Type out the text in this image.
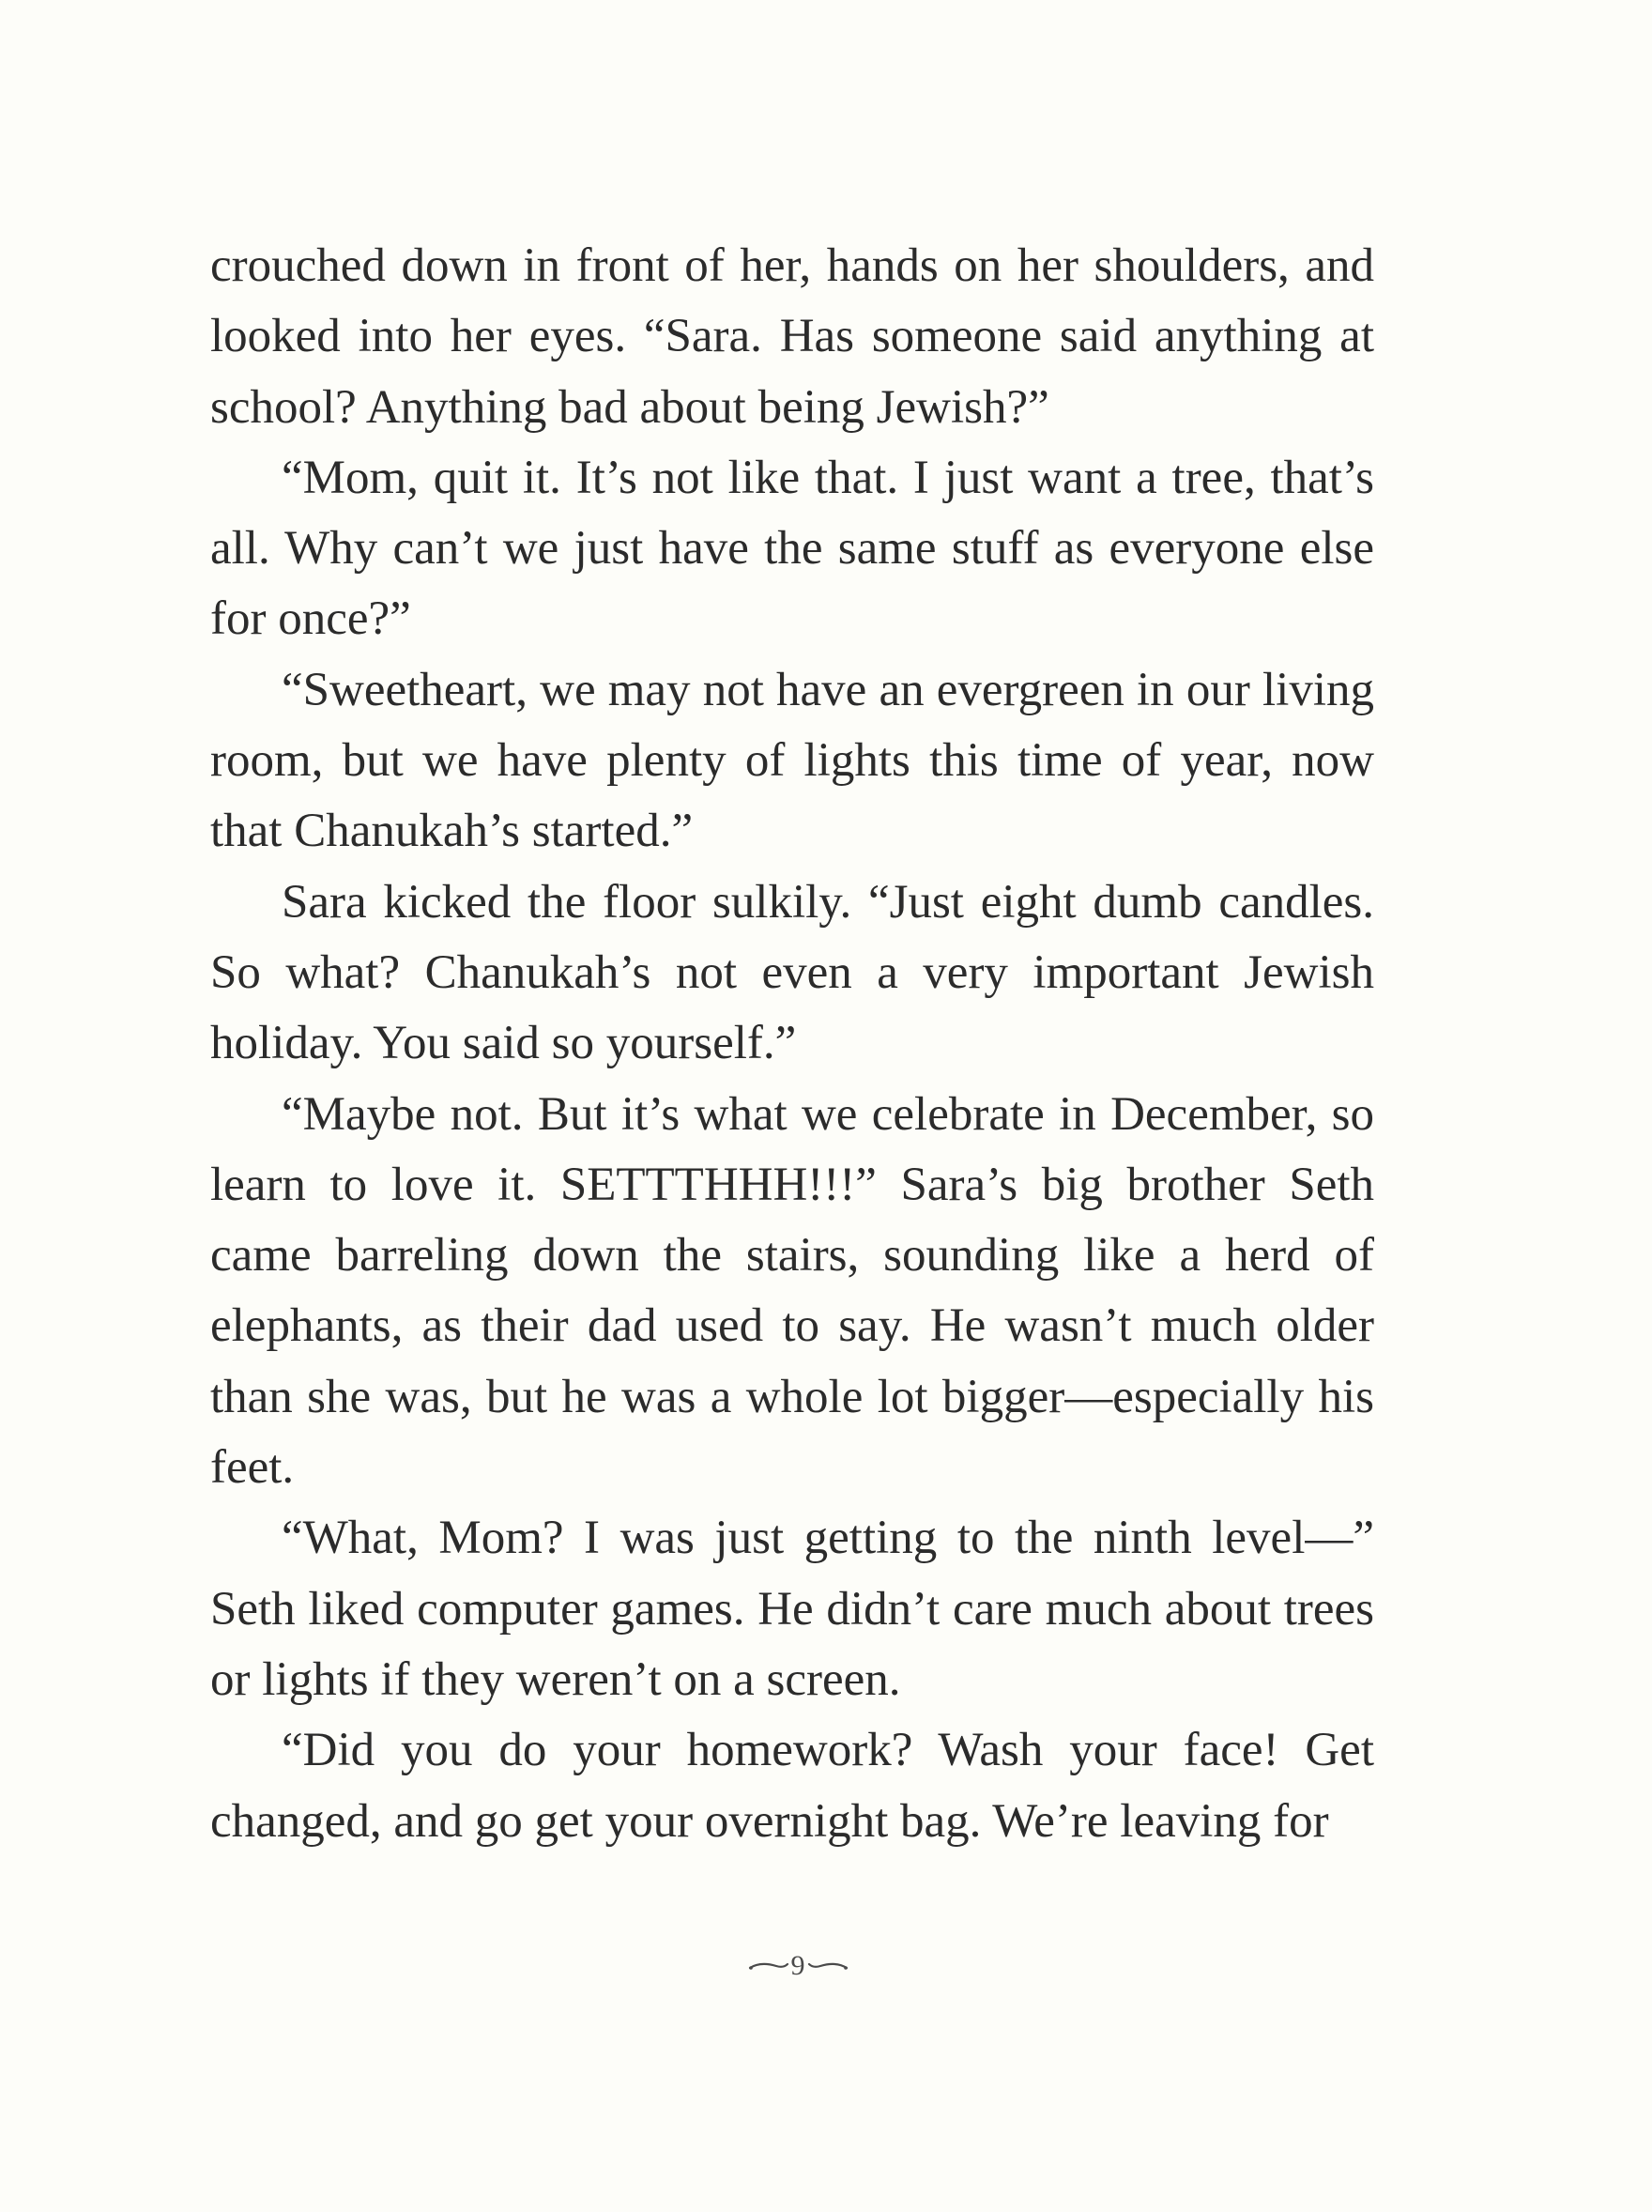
crouched down in front of her, hands on her shoulders, and looked into her eyes. “Sara. Has someone said anything at school? Anything bad about being Jewish?”

“Mom, quit it. It’s not like that. I just want a tree, that’s all. Why can’t we just have the same stuff as everyone else for once?”

“Sweetheart, we may not have an evergreen in our living room, but we have plenty of lights this time of year, now that Chanukah’s started.”

Sara kicked the floor sulkily. “Just eight dumb candles. So what? Chanukah’s not even a very important Jewish holiday. You said so yourself.”

“Maybe not. But it’s what we celebrate in December, so learn to love it. SETTTHHH!!!” Sara’s big brother Seth came barreling down the stairs, sounding like a herd of elephants, as their dad used to say. He wasn’t much older than she was, but he was a whole lot bigger—especially his feet.

“What, Mom? I was just getting to the ninth level—” Seth liked computer games. He didn’t care much about trees or lights if they weren’t on a screen.

“Did you do your homework? Wash your face! Get changed, and go get your overnight bag. We’re leaving for

9
